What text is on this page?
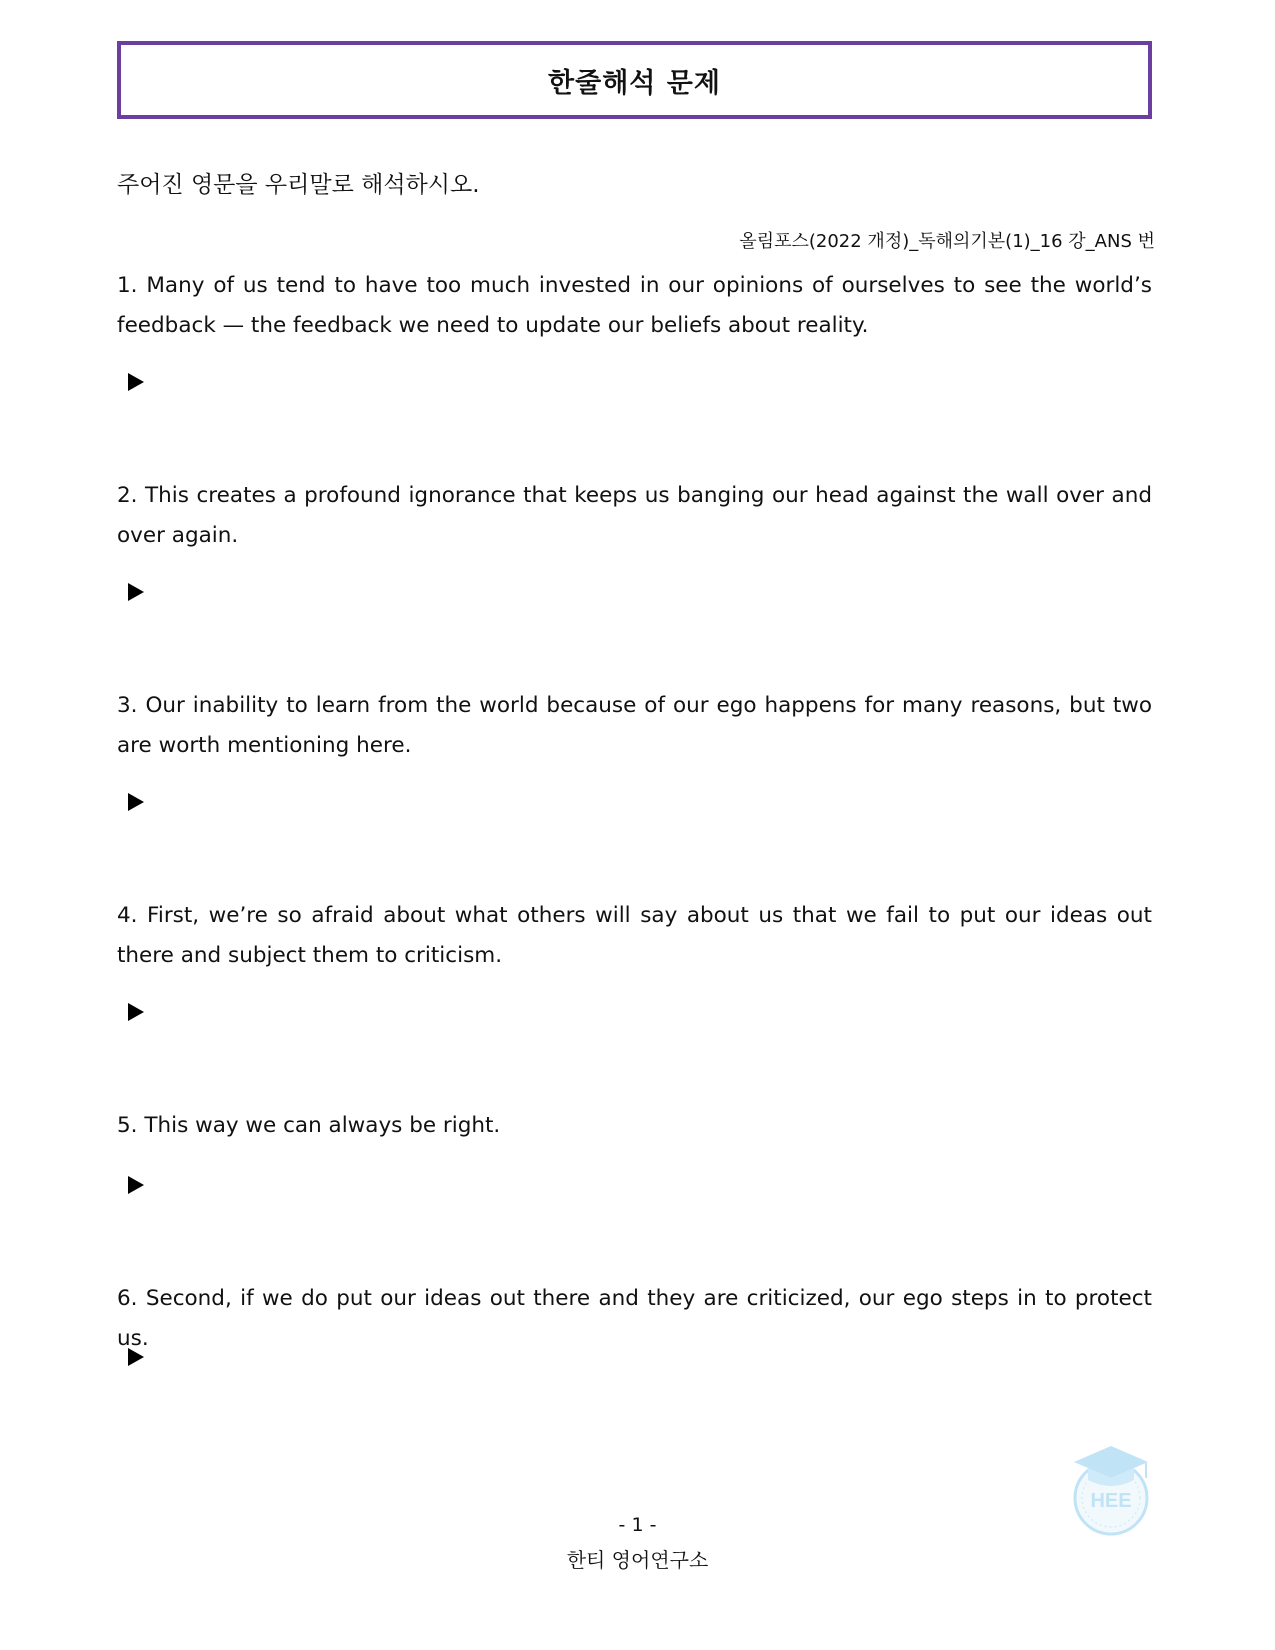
한줄해석 문제
주어진 영문을 우리말로 해석하시오.
올림포스(2022 개정)_독해의기본(1)_16 강_ANS 번
1. Many of us tend to have too much invested in our opinions of ourselves to see the world’s feedback — the feedback we need to update our beliefs about reality.
2. This creates a profound ignorance that keeps us banging our head against the wall over and over again.
3. Our inability to learn from the world because of our ego happens for many reasons, but two are worth mentioning here.
4. First, we’re so afraid about what others will say about us that we fail to put our ideas out there and subject them to criticism.
5. This way we can always be right.
6. Second, if we do put our ideas out there and they are criticized, our ego steps in to protect us.
- 1 -
한티 영어연구소
HEE
